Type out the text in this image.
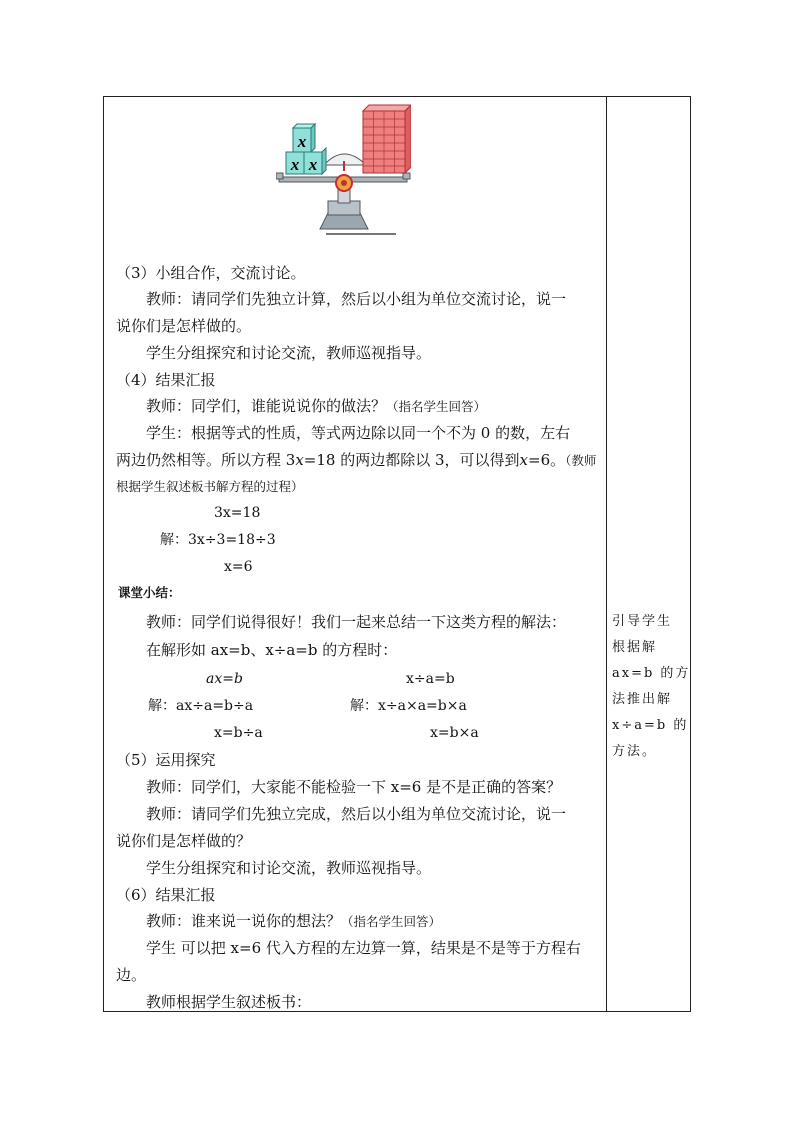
x
x x
（3）小组合作，交流讨论。
教师：请同学们先独立计算，然后以小组为单位交流讨论，说一
说你们是怎样做的。
学生分组探究和讨论交流，教师巡视指导。
（4）结果汇报
教师：同学们，谁能说说你的做法？（指名学生回答）
学生：根据等式的性质，等式两边除以同一个不为 0 的数，左右
两边仍然相等。所以方程 3x=18 的两边都除以 3，可以得到x=6。（教师
根据学生叙述板书解方程的过程）
3x=18
解：3x÷3=18÷3
x=6
课堂小结：
教师：同学们说得很好！我们一起来总结一下这类方程的解法：
在解形如 ax=b、x÷a=b 的方程时：
ax=b
解：ax÷a=b÷a
x=b÷a
x÷a=b
解：x÷a×a=b×a
x=b×a
（5）运用探究
教师：同学们，大家能不能检验一下 x=6 是不是正确的答案？
教师：请同学们先独立完成，然后以小组为单位交流讨论，说一
说你们是怎样做的？
学生分组探究和讨论交流，教师巡视指导。
（6）结果汇报
教师：谁来说一说你的想法？（指名学生回答）
学生 可以把 x=6 代入方程的左边算一算，结果是不是等于方程右
边。
教师根据学生叙述板书：
引导学生
根据解
ax=b 的方
法推出解
x÷a=b 的
方法。
